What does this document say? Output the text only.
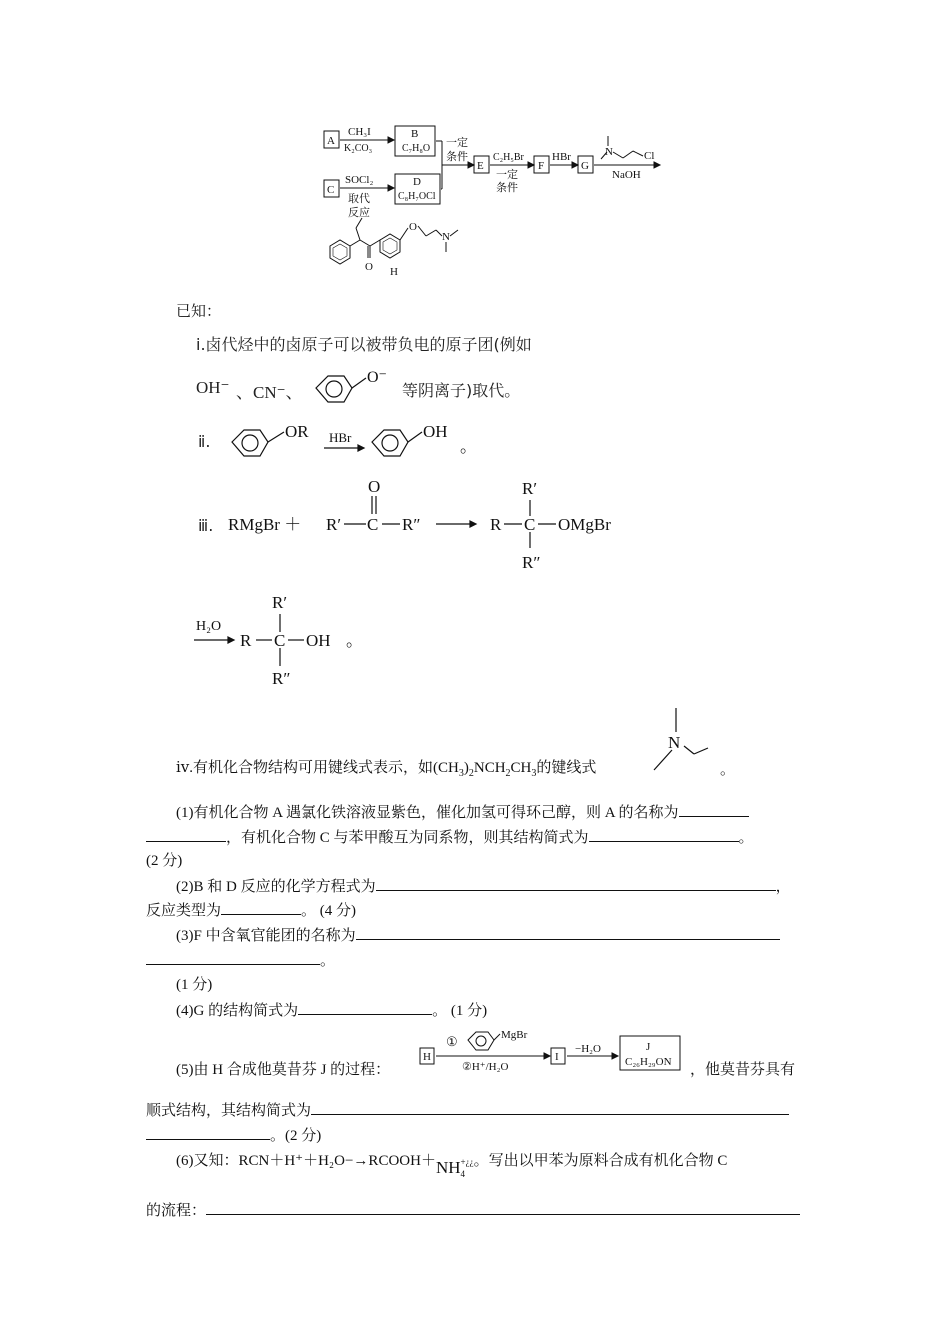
A
CH₃I
K₂CO₃
B
C₇H₈O
C
SOCl₂
取代
反应
D
C₈H₇OCl
一定
条件
E
C₂H₅Br
一定
条件
F
HBr
G
N	Cl
NaOH
O
O
N
H
已知：
ⅰ.卤代烃中的卤原子可以被带负电的原子团(例如
OH⁻ 、CN⁻、
O⁻
等阴离子)取代。
ⅱ.
OR HBr	OH
。
ⅲ. RMgBr ＋
O
R′ C R″	R C OMgBr
R′
R″
H₂O
R C OH
R′
R″
。
ⅳ.有机化合物结构可用键线式表示，如$(CH_3)_2NCH_2CH_3$的键线式
N
。
(1)有机化合物 A 遇氯化铁溶液显紫色，催化加氢可得环己醇，则 A 的名称为
，有机化合物 C 与苯甲酸互为同系物，则其结构简式为	。
(2 分)
(2)B 和 D 反应的化学方程式为	，
反应类型为	。 (4 分)
(3)F 中含氧官能团的名称为
。
(1 分)
(4)G 的结构简式为	。 (1 分)
(5)由 H 合成他莫昔芬 J 的过程：
H
①	MgBr
②H⁺/H₂O
I
−H₂O	J
C₂₆H₂₉ON ，他莫昔芬具有
顺式结构，其结构简式为
。(2 分)
(6)又知：RCN＋H⁺＋H₂O−→RCOOH＋NH +¿¿
4
。写出以甲苯为原料合成有机化合物 C
的流程：
